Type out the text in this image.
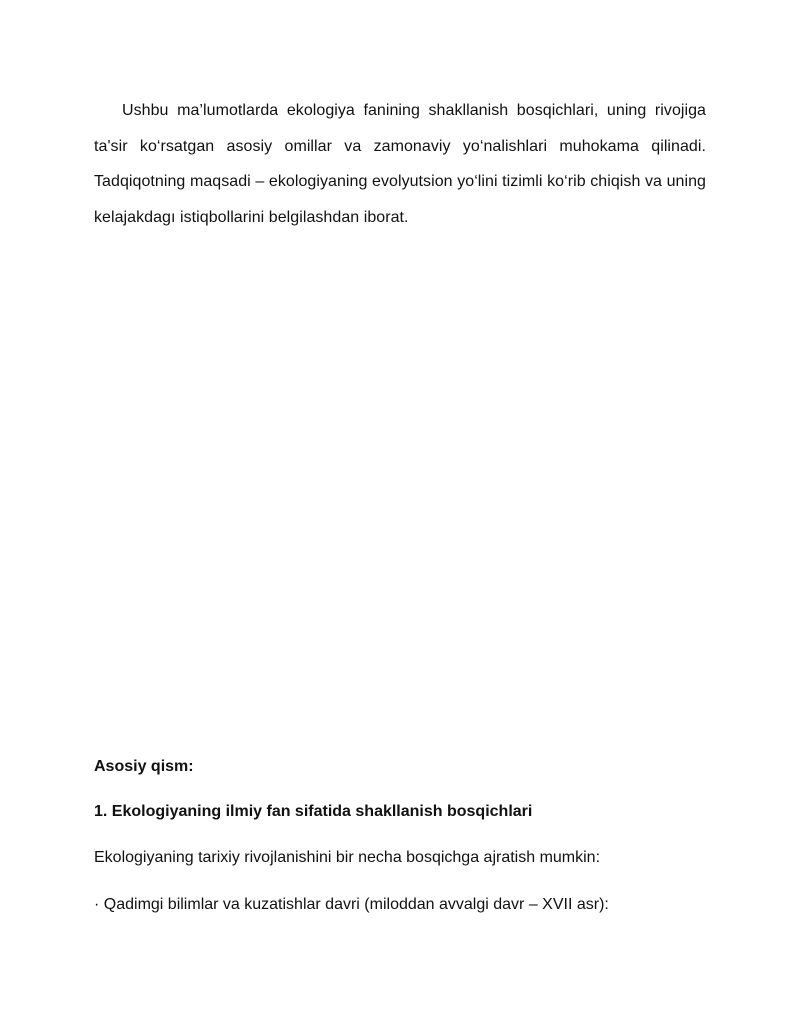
Ushbu ma’lumotlarda ekologiya fanining shakllanish bosqichlari, uning rivojiga ta'sir ko‘rsatgan asosiy omillar va zamonaviy yo‘nalishlari muhokama qilinadi. Tadqiqotning maqsadi – ekologiyaning evolyutsion yo‘lini tizimli ko‘rib chiqish va uning kelajakdagı istiqbollarini belgilashdan iborat.

Asosiy qism:

1. Ekologiyaning ilmiy fan sifatida shakllanish bosqichlari

Ekologiyaning tarixiy rivojlanishini bir necha bosqichga ajratish mumkin:

· Qadimgi bilimlar va kuzatishlar davri (miloddan avvalgi davr – XVII asr):
